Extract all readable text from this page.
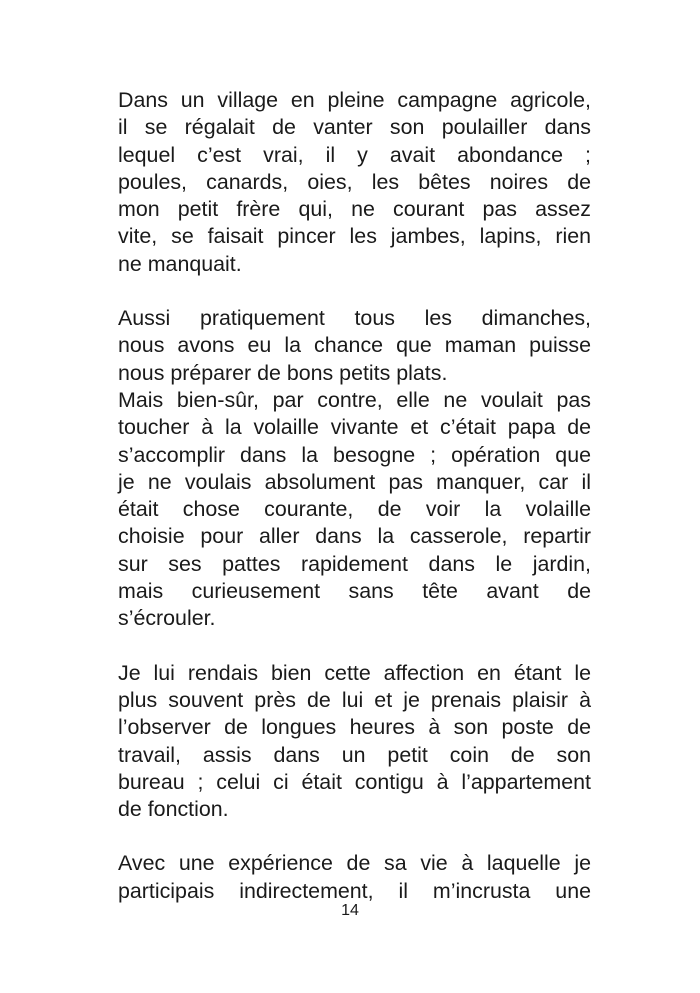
Dans un village en pleine campagne agricole,
il se régalait de vanter son poulailler dans
lequel c’est vrai, il y avait abondance ;
poules, canards, oies, les bêtes noires de
mon petit frère qui, ne courant pas assez
vite, se faisait pincer les jambes, lapins, rien
ne manquait.

Aussi pratiquement tous les dimanches,
nous avons eu la chance que maman puisse
nous préparer de bons petits plats.

Mais bien-sûr, par contre, elle ne voulait pas
toucher à la volaille vivante et c’était papa de
s’accomplir dans la besogne ; opération que
je ne voulais absolument pas manquer, car il
était chose courante, de voir la volaille
choisie pour aller dans la casserole, repartir
sur ses pattes rapidement dans le jardin,
mais curieusement sans tête avant de
s’écrouler.

Je lui rendais bien cette affection en étant le
plus souvent près de lui et je prenais plaisir à
l’observer de longues heures à son poste de
travail, assis dans un petit coin de son
bureau ; celui ci était contigu à l’appartement
de fonction.

Avec une expérience de sa vie à laquelle je
participais indirectement, il m’incrusta une

14
